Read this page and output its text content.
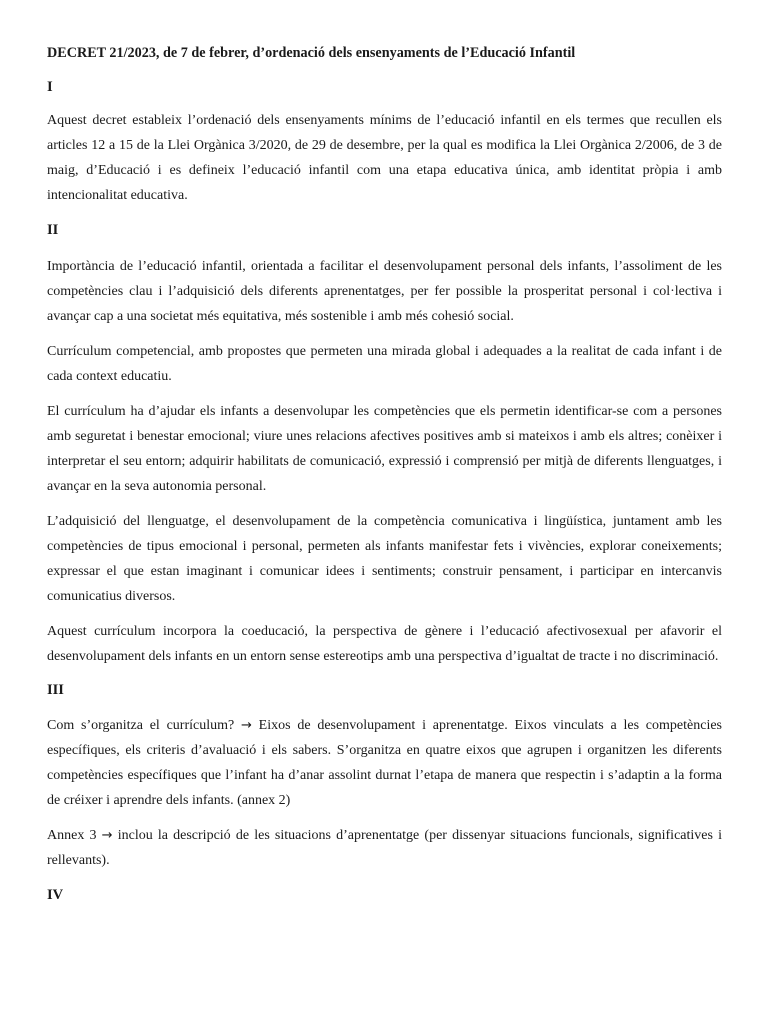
DECRET 21/2023, de 7 de febrer, d’ordenació dels ensenyaments de l’Educació Infantil

I

Aquest decret estableix l’ordenació dels ensenyaments mínims de l’educació infantil en els termes que recullen els articles 12 a 15 de la Llei Orgànica 3/2020, de 29 de desembre, per la qual es modifica la Llei Orgànica 2/2006, de 3 de maig, d’Educació i es defineix l’educació infantil com una etapa educativa única, amb identitat pròpia i amb intencionalitat educativa.

II

Importància de l’educació infantil, orientada a facilitar el desenvolupament personal dels infants, l’assoliment de les competències clau i l’adquisició dels diferents aprenentatges, per fer possible la prosperitat personal i col·lectiva i avançar cap a una societat més equitativa, més sostenible i amb més cohesió social.

Currículum competencial, amb propostes que permeten una mirada global i adequades a la realitat de cada infant i de cada context educatiu.

El currículum ha d’ajudar els infants a desenvolupar les competències que els permetin identificar-se com a persones amb seguretat i benestar emocional; viure unes relacions afectives positives amb si mateixos i amb els altres; conèixer i interpretar el seu entorn; adquirir habilitats de comunicació, expressió i comprensió per mitjà de diferents llenguatges, i avançar en la seva autonomia personal.

L’adquisició del llenguatge, el desenvolupament de la competència comunicativa i lingüística, juntament amb les competències de tipus emocional i personal, permeten als infants manifestar fets i vivències, explorar coneixements; expressar el que estan imaginant i comunicar idees i sentiments; construir pensament, i participar en intercanvis comunicatius diversos.

Aquest currículum incorpora la coeducació, la perspectiva de gènere i l’educació afectivosexual per afavorir el desenvolupament dels infants en un entorn sense estereotips amb una perspectiva d’igualtat de tracte i no discriminació.

III

Com s’organitza el currículum? → Eixos de desenvolupament i aprenentatge. Eixos vinculats a les competències específiques, els criteris d’avaluació i els sabers. S’organitza en quatre eixos que agrupen i organitzen les diferents competències específiques que l’infant ha d’anar assolint durnat l’etapa de manera que respectin i s’adaptin a la forma de créixer i aprendre dels infants. (annex 2)

Annex 3 → inclou la descripció de les situacions d’aprenentatge (per dissenyar situacions funcionals, significatives i rellevants).

IV
